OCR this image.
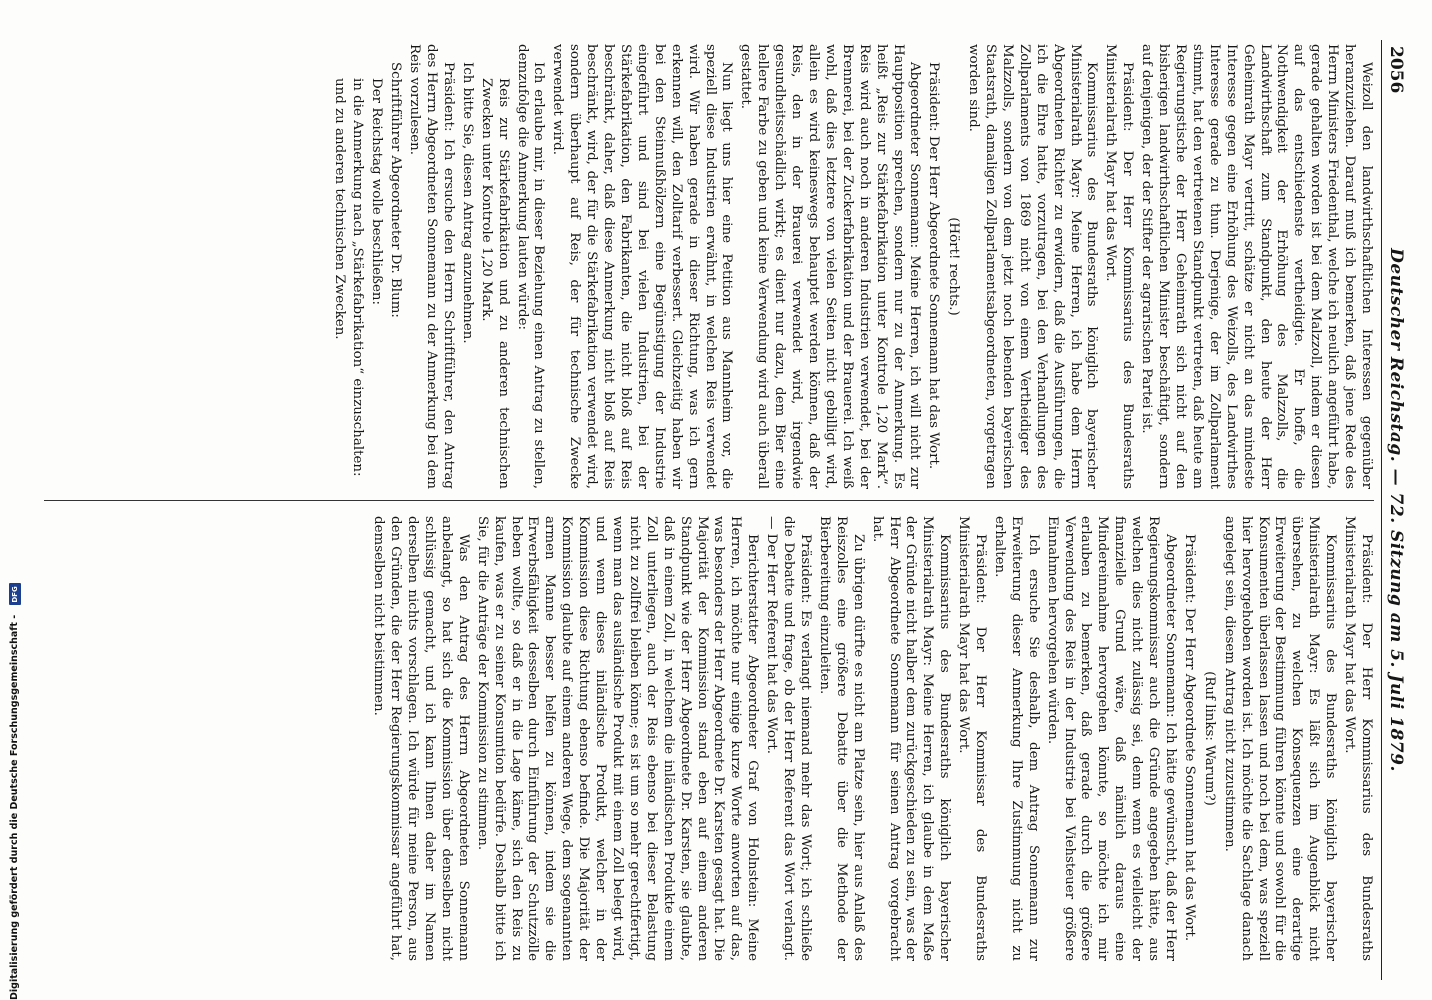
2056
Deutscher Reichstag. — 72. Sitzung am 5. Juli 1879.

Weizoll den landwirthschaftlichen Interessen gegenüber heranzuziehen. Darauf muß ich bemerken, daß jene Rede des Herrn Ministers Friedenthal, welche ich neulich angeführt habe, gerade gehalten worden ist bei dem Malzzoll, indem er diesen auf das entschiedenste vertheidigte. Er hoffe, die Nothwendigkeit der Erhöhung des Malzzolls, die Landwirthschaft zum Standpunkt, den heute der Herr Geheimrath Mayr vertritt, schätze er nicht an das mindeste Interesse gegen eine Erhöhung des Weizolls, des Landwirthes Interesse gerade zu thun. Derjenige, der im Zollparlament stimmt, hat den vertretenen Standpunkt vertreten, daß heute am Regierungstische der Herr Geheimrath sich nicht auf den bisherigen landwirthschaftlichen Minister beschäftigt, sondern auf denjenigen, der der Stifter der agrarischen Partei ist.

Präsident: Der Herr Kommissarius des Bundesraths Ministerialrath Mayr hat das Wort.

Kommissarius des Bundesraths königlich bayerischer Ministerialrath Mayr: Meine Herren, ich habe dem Herrn Abgeordneten Richter zu erwidern, daß die Ausführungen, die ich die Ehre hatte, vorzutragen, bei den Verhandlungen des Zollparlaments von 1869 nicht von einem Vertheidiger des Malzzolls, sondern von dem jetzt noch lebenden bayerischen Staatsrath, damaligen Zollparlamentsabgeordneten, vorgetragen worden sind.

(Hört! rechts.)

Präsident: Der Herr Abgeordnete Sonnemann hat das Wort.

Abgeordneter Sonnemann: Meine Herren, ich will nicht zur Hauptposition sprechen, sondern nur zu der Anmerkung. Es heißt „Reis zur Stärkefabrikation unter Kontrole 1,20 Mark“. Reis wird auch noch in anderen Industrien verwendet, bei der Brennerei, bei der Zuckerfabrikation und der Brauerei. Ich weiß wohl, daß dies letztere von vielen Seiten nicht gebilligt wird, allein es wird keineswegs behauptet werden können, daß der Reis, den in der Brauerei verwendet wird, irgendwie gesundheitsschädlich wirkt; es dient nur dazu, dem Bier eine hellere Farbe zu geben und keine Verwendung wird auch überall gestattet.

Nun liegt uns hier eine Petition aus Mannheim vor, die speziell diese Industrien erwähnt, in welchen Reis verwendet wird. Wir haben gerade in dieser Richtung, was ich gern erkennen will, den Zolltarif verbessert. Gleichzeitig haben wir bei den Steinnußhölzern eine Begünstigung der Industrie eingeführt und sind bei vielen Industrien, bei der Stärkefabrikation, den Fabrikanten, die nicht bloß auf Reis beschränkt, daher, daß diese Anmerkung nicht bloß auf Reis beschränkt, wird, der für die Stärkefabrikation verwendet wird, sondern überhaupt auf Reis, der für technische Zwecke verwendet wird.

Ich erlaube mir, in dieser Beziehung einen Antrag zu stellen, demzufolge die Anmerkung lauten würde:

Reis zur Stärkefabrikation und zu anderen technischen Zwecken unter Kontrole 1,20 Mark.

Ich bitte Sie, diesen Antrag anzunehmen.

Präsident: Ich ersuche den Herrn Schriftführer, den Antrag des Herrn Abgeordneten Sonnemann zu der Anmerkung bei dem Reis vorzulesen.

Schriftführer Abgeordneter Dr. Blum:

Der Reichstag wolle beschließen:

in die Anmerkung nach „Stärkefabrikation“ einzuschalten:

und zu anderen technischen Zwecken.

Präsident: Der Herr Kommissarius des Bundesraths Ministerialrath Mayr hat das Wort.

Kommissarius des Bundesraths königlich bayerischer Ministerialrath Mayr: Es läßt sich im Augenblick nicht übersehen, zu welchen Konsequenzen eine derartige Erweiterung der Bestimmung führen könnte und sowohl für die Konsumenten überlassen lassen und noch bei dem, was speziell hier hervorgehoben worden ist. Ich möchte die Sachlage danach angelegt sein, diesem Antrag nicht zuzustimmen.

(Ruf links: Warum?)

Präsident: Der Herr Abgeordnete Sonnemann hat das Wort.

Abgeordneter Sonnemann: Ich hätte gewünscht, daß der Herr Regierungskommissar auch die Gründe angegeben hätte, aus welchen dies nicht zulässig sei, denn wenn es vielleicht der finanzielle Grund wäre, daß nämlich daraus eine Mindereinnahme hervorgehen könnte, so möchte ich mir erlauben zu bemerken, daß gerade durch die größere Verwendung des Reis in der Industrie bei Viehsteuer größere Einnahmen hervorgehen würden.

Ich ersuche Sie deshalb, dem Antrag Sonnemann zur Erweiterung dieser Anmerkung Ihre Zustimmung nicht zu erhalten.

Präsident: Der Herr Kommissar des Bundesraths Ministerialrath Mayr hat das Wort.

Kommissarius des Bundesraths königlich bayerischer Ministerialrath Mayr: Meine Herren, ich glaube in dem Maße der Gründe nicht halber dem zurückgeschieden zu sein, was der Herr Abgeordnete Sonnemann für seinen Antrag vorgebracht hat.

Zu übrigen dürfte es nicht am Platze sein, hier aus Anlaß des Reiszolles eine größere Debatte über die Methode der Bierbereitung einzuleiten.

Präsident: Es verlangt niemand mehr das Wort; ich schließe die Debatte und frage, ob der Herr Referent das Wort verlangt. — Der Herr Referent hat das Wort.

Berichterstatter Abgeordneter Graf von Holnstein: Meine Herren, ich möchte nur einige kurze Worte anworten auf das, was besonders der Herr Abgeordnete Dr. Karsten gesagt hat. Die Majorität der Kommission stand eben auf einem anderen Standpunkt wie der Herr Abgeordnete Dr. Karsten, sie glaubte, daß in einem Zoll, in welchem die inländischen Produkte einem Zoll unterliegen, auch der Reis ebenso bei dieser Belastung nicht zu zollfrei bleiben könne; es ist um so mehr gerechtfertigt, wenn man das ausländische Produkt mit einem Zoll belegt wird, und wenn dieses inländische Produkt, welcher in der Kommission diese Richtung ebenso befinde. Die Majorität der Kommission glaubte auf einem anderen Wege, dem sogenannten armen Manne besser helfen zu können, indem sie die Erwerbsfähigkeit desselben durch Einführung der Schutzzölle heben wollte, so daß er in die Lage käme, sich den Reis zu kaufen, was er zu seiner Konsumtion bedürfe. Deshalb bitte ich Sie, für die Anträge der Kommission zu stimmen.

Was den Antrag des Herrn Abgeordneten Sonnemann anbelangt, so hat sich die Kommission über denselben nicht schlüssig gemacht, und ich kann Ihnen daher im Namen derselben nichts vorschlagen. Ich würde für meine Person, aus den Gründen, die der Herr Regierungskommissar angeführt hat, demselben nicht beistimmen.

Digitalisierung gefördert durch die Deutsche Forschungsgemeinschaft - DFG
